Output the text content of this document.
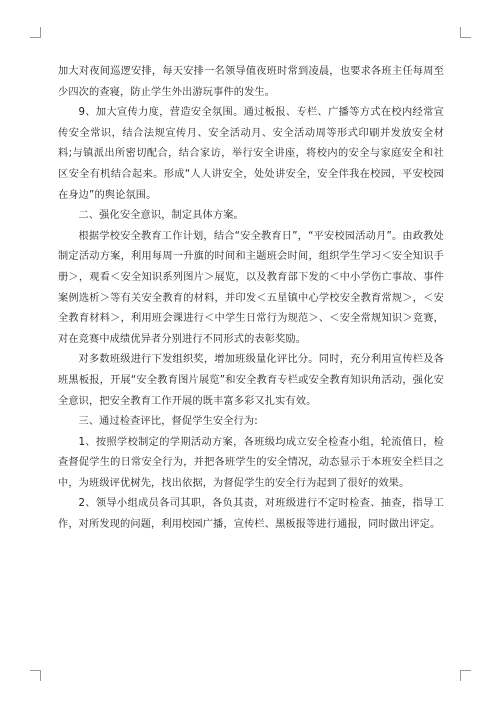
加大对夜间巡逻安排，每天安排一名领导值夜班时常到凌晨，也要求各班主任每周至少四次的查寝，防止学生外出游玩事件的发生。

9、加大宣传力度，营造安全氛围。通过板报、专栏、广播等方式在校内经常宣传安全常识，结合法规宣传月、安全活动月、安全活动周等形式印刷并发放安全材料;与镇派出所密切配合，结合家访，举行安全讲座，将校内的安全与家庭安全和社区安全有机结合起来。形成“人人讲安全，处处讲安全，安全伴我在校园，平安校园在身边”的舆论氛围。

二、强化安全意识，制定具体方案。

根据学校安全教育工作计划，结合“安全教育日”，“平安校园活动月”。由政教处制定活动方案，利用每周一升旗的时间和主题班会时间，组织学生学习＜安全知识手册＞，观看＜安全知识系列图片＞展览，以及教育部下发的＜中小学伤亡事故、事件案例选析＞等有关安全教育的材料，并印发＜五星镇中心学校安全教育常规＞，＜安全教育材料＞，利用班会课进行＜中学生日常行为规范＞、＜安全常规知识＞竞赛，对在竞赛中成绩优异者分别进行不同形式的表彰奖励。

对多数班级进行下发组织奖，增加班级量化评比分。同时，充分利用宣传栏及各班黑板报，开展“安全教育图片展览”和安全教育专栏或安全教育知识角活动，强化安全意识，把安全教育工作开展的既丰富多彩又扎实有效。

三、通过检查评比，督促学生安全行为:

1、按照学校制定的学期活动方案，各班级均成立安全检查小组，轮流值日，检查督促学生的日常安全行为，并把各班学生的安全情况，动态显示于本班安全栏目之中，为班级评优树先，找出依据，为督促学生的安全行为起到了很好的效果。

2、领导小组成员各司其职，各负其责，对班级进行不定时检查、抽查，指导工作，对所发现的问题，利用校园广播，宣传栏、黑板报等进行通报，同时做出评定。
